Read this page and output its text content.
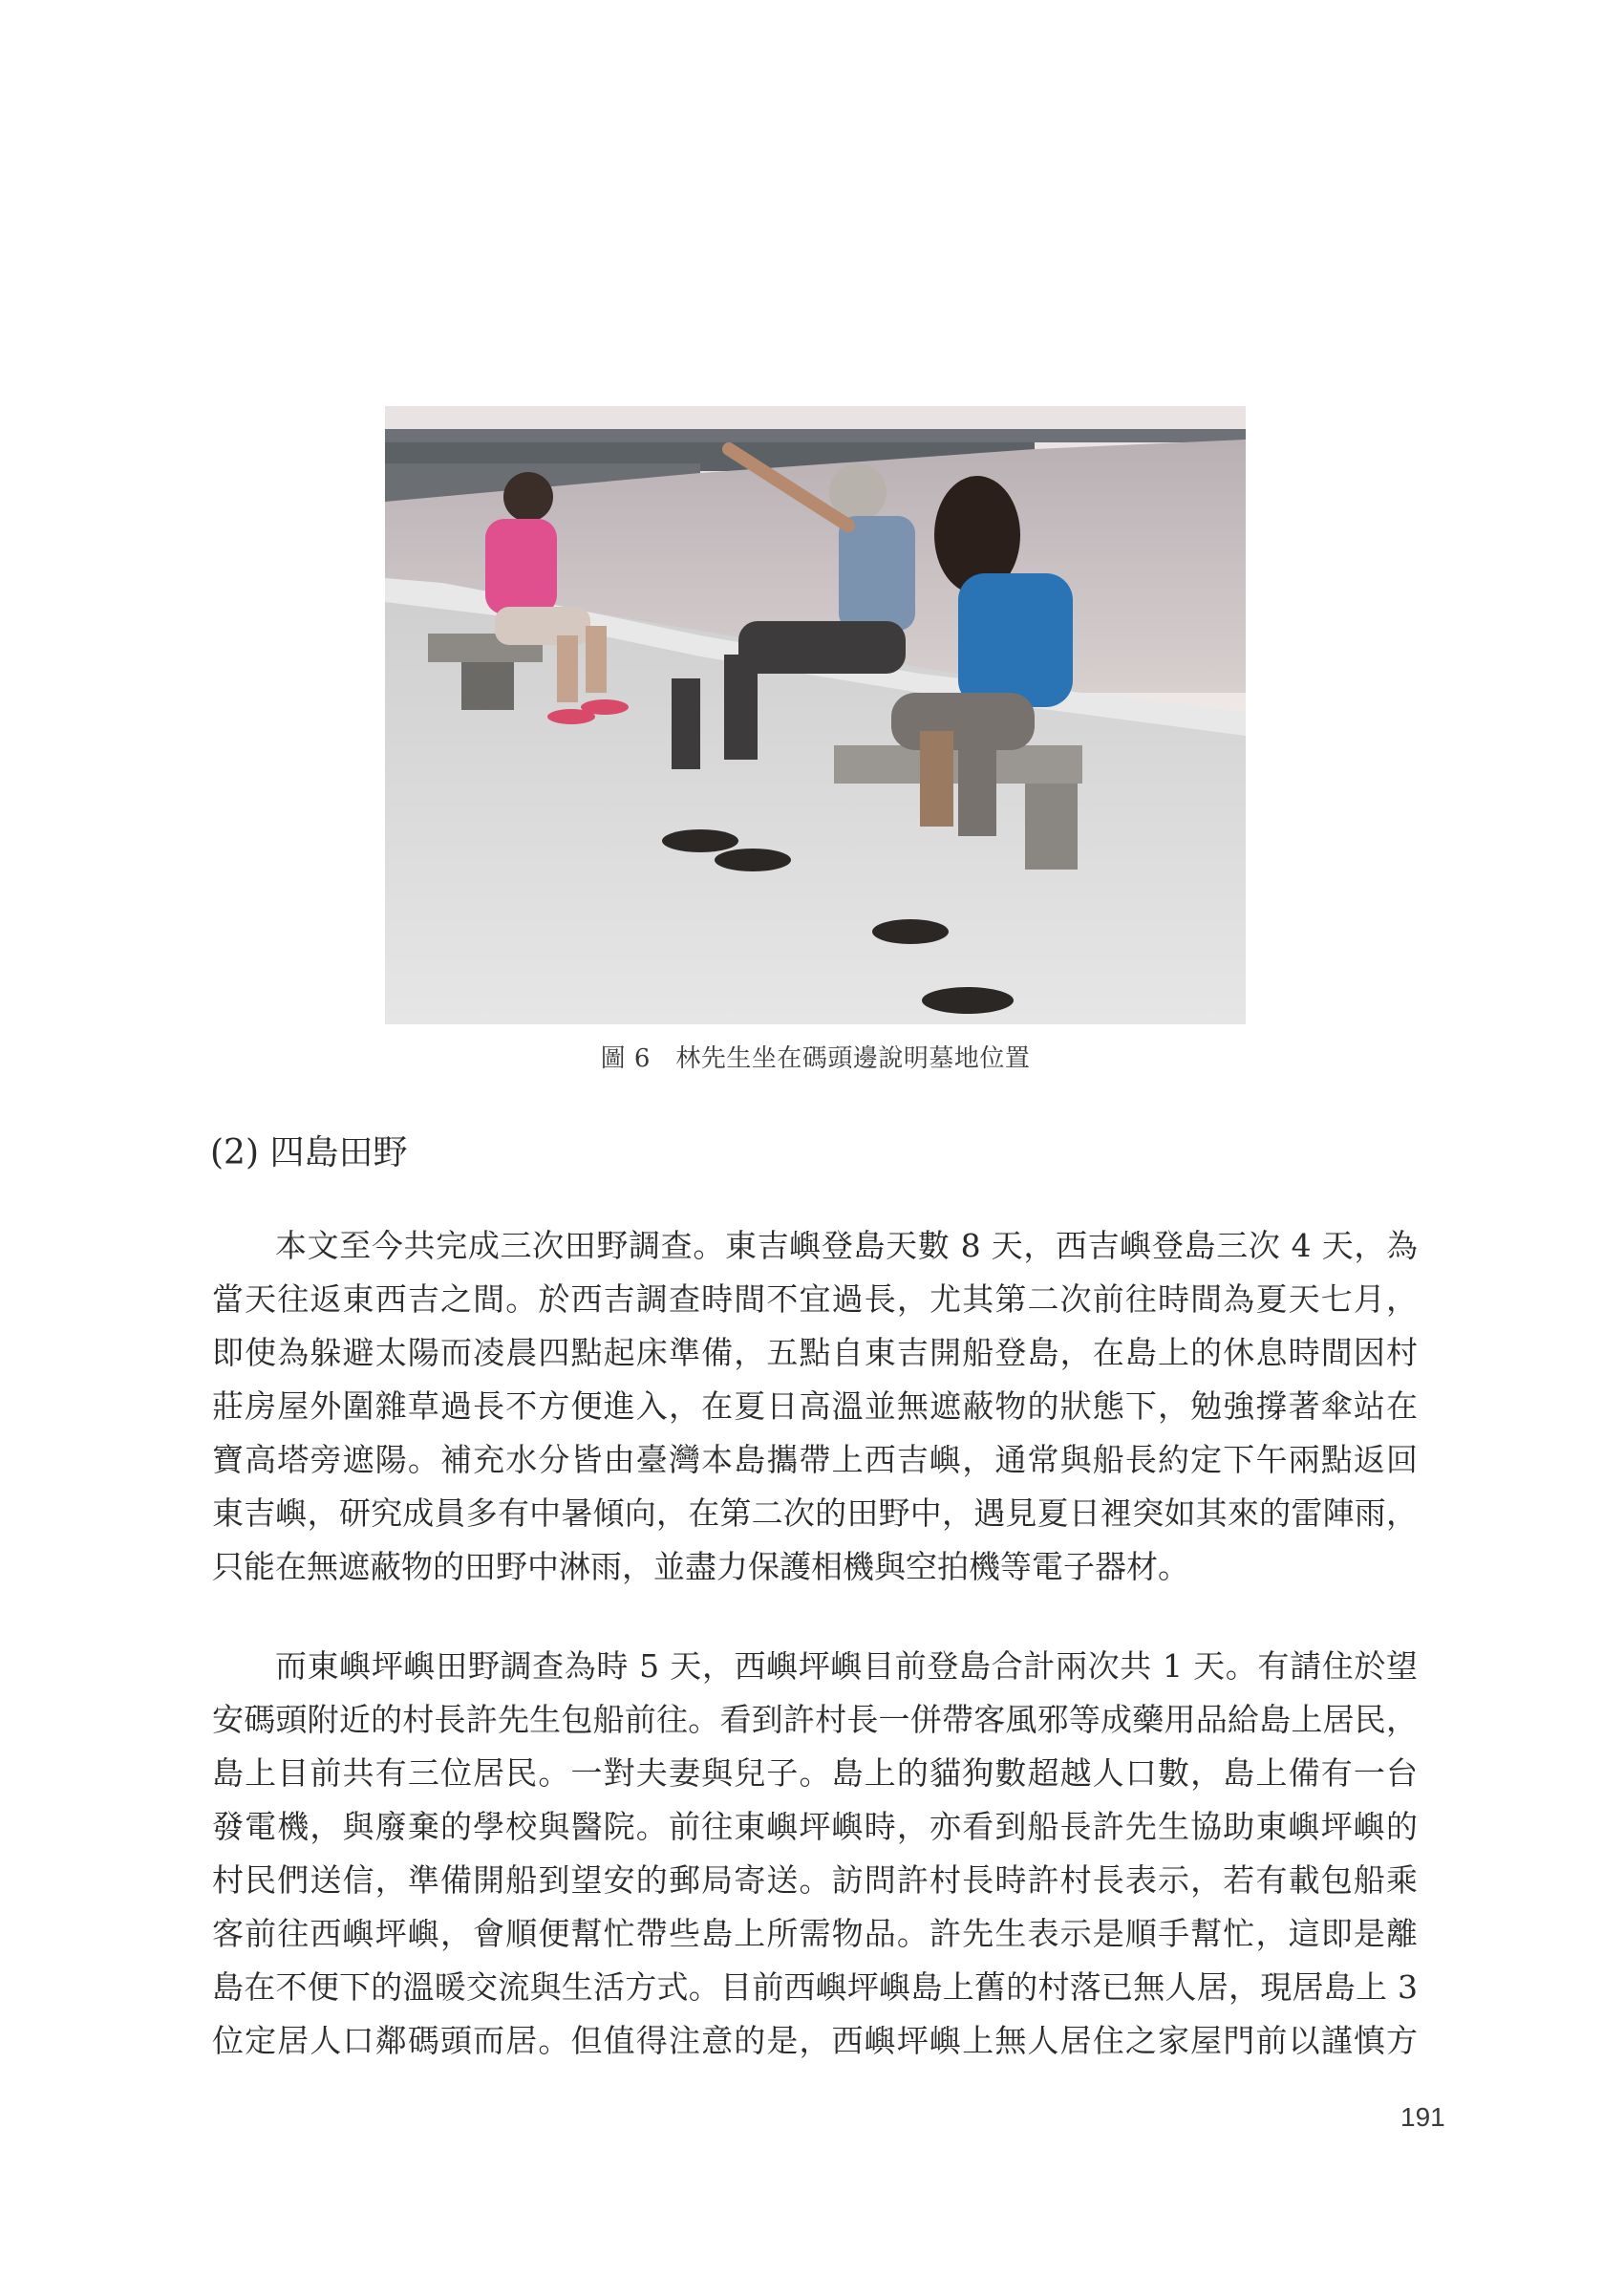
圖 6　林先生坐在碼頭邊說明墓地位置
(2) 四島田野
本文至今共完成三次田野調查。東吉嶼登島天數 8 天，西吉嶼登島三次 4 天，為
當天往返東西吉之間。於西吉調查時間不宜過長，尤其第二次前往時間為夏天七月，
即使為躲避太陽而凌晨四點起床準備，五點自東吉開船登島，在島上的休息時間因村
莊房屋外圍雜草過長不方便進入，在夏日高溫並無遮蔽物的狀態下，勉強撐著傘站在
寶高塔旁遮陽。補充水分皆由臺灣本島攜帶上西吉嶼，通常與船長約定下午兩點返回
東吉嶼，研究成員多有中暑傾向，在第二次的田野中，遇見夏日裡突如其來的雷陣雨，
只能在無遮蔽物的田野中淋雨，並盡力保護相機與空拍機等電子器材。
而東嶼坪嶼田野調查為時 5 天，西嶼坪嶼目前登島合計兩次共 1 天。有請住於望
安碼頭附近的村長許先生包船前往。看到許村長一併帶客風邪等成藥用品給島上居民，
島上目前共有三位居民。一對夫妻與兒子。島上的貓狗數超越人口數，島上備有一台
發電機，與廢棄的學校與醫院。前往東嶼坪嶼時，亦看到船長許先生協助東嶼坪嶼的
村民們送信，準備開船到望安的郵局寄送。訪問許村長時許村長表示，若有載包船乘
客前往西嶼坪嶼，會順便幫忙帶些島上所需物品。許先生表示是順手幫忙，這即是離
島在不便下的溫暖交流與生活方式。目前西嶼坪嶼島上舊的村落已無人居，現居島上 3
位定居人口鄰碼頭而居。但值得注意的是，西嶼坪嶼上無人居住之家屋門前以謹慎方
191
